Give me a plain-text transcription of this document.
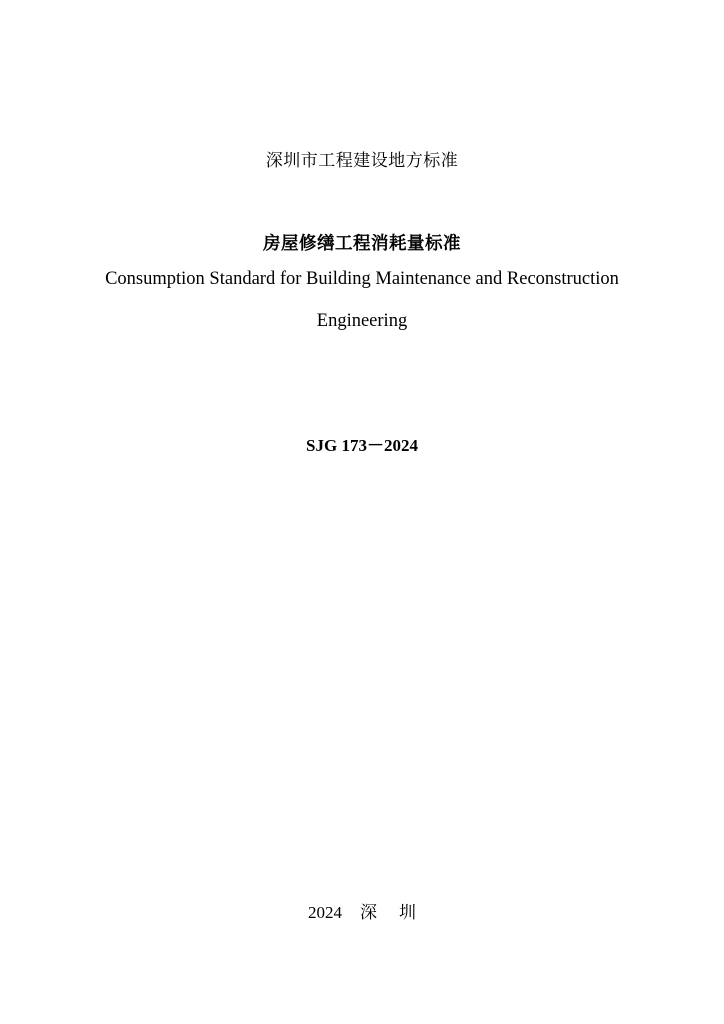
深圳市工程建设地方标准
房屋修缮工程消耗量标准
Consumption Standard for Building Maintenance and Reconstruction
Engineering
SJG 173－2024
2024 深 圳
